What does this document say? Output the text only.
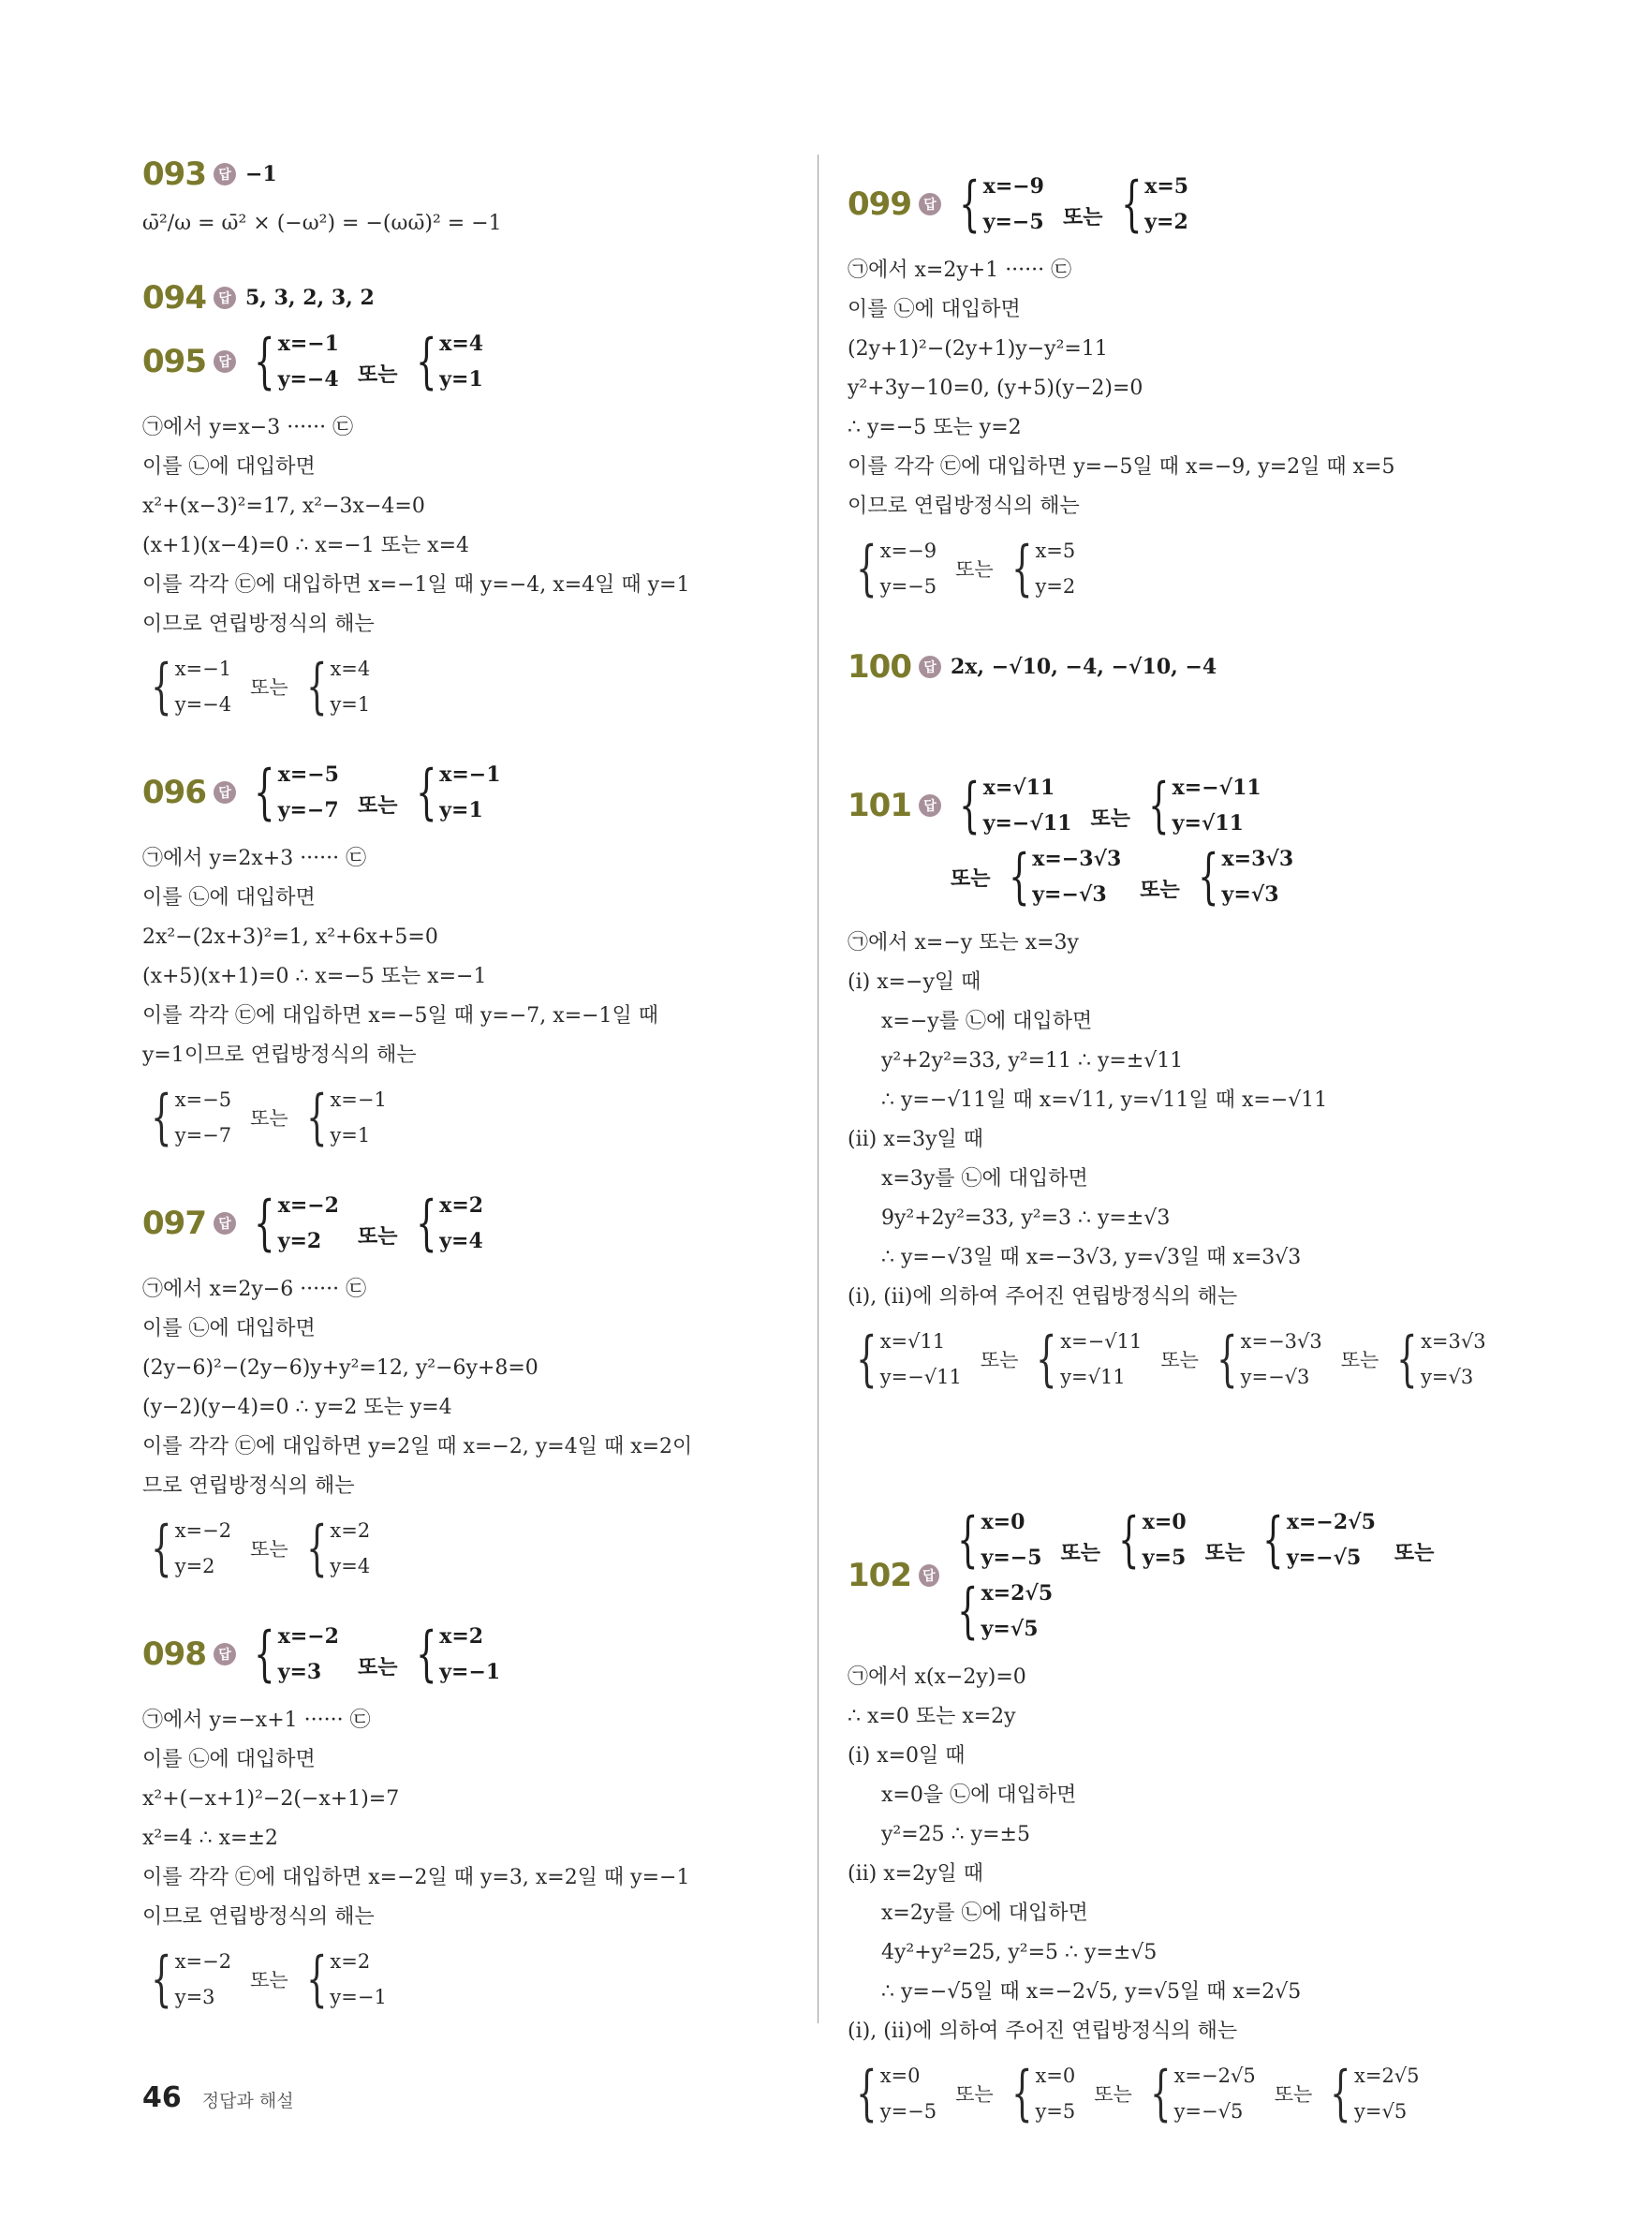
093 답 −1
ω̄²/ω = ω̄² × (−ω²) = −(ωω̄)² = −1
094 답 5, 3, 2, 3, 2
095 답 { x=−1
y=−4 또는 { x=4
y=1
㉠에서 y=x−3 ······ ㉢
이를 ㉡에 대입하면
x²+(x−3)²=17, x²−3x−4=0
(x+1)(x−4)=0 ∴ x=−1 또는 x=4
이를 각각 ㉢에 대입하면 x=−1일 때 y=−4, x=4일 때 y=1
이므로 연립방정식의 해는
{ x=−1
y=−4
또는 { x=4
y=1
096 답 { x=−5
y=−7 또는 { x=−1
y=1
㉠에서 y=2x+3 ······ ㉢
이를 ㉡에 대입하면
2x²−(2x+3)²=1, x²+6x+5=0
(x+5)(x+1)=0 ∴ x=−5 또는 x=−1
이를 각각 ㉢에 대입하면 x=−5일 때 y=−7, x=−1일 때
y=1이므로 연립방정식의 해는
{ x=−5
y=−7
또는 { x=−1
y=1
097 답 { x=−2
y=2	또는 { x=2
y=4
㉠에서 x=2y−6 ······ ㉢
이를 ㉡에 대입하면
(2y−6)²−(2y−6)y+y²=12, y²−6y+8=0
(y−2)(y−4)=0 ∴ y=2 또는 y=4
이를 각각 ㉢에 대입하면 y=2일 때 x=−2, y=4일 때 x=2이
므로 연립방정식의 해는
{ x=−2
y=2
또는 { x=2
y=4
098 답 { x=−2
y=3	또는 { x=2
y=−1
㉠에서 y=−x+1 ······ ㉢
이를 ㉡에 대입하면
x²+(−x+1)²−2(−x+1)=7
x²=4 ∴ x=±2
이를 각각 ㉢에 대입하면 x=−2일 때 y=3, x=2일 때 y=−1
이므로 연립방정식의 해는
{ x=−2
y=3
또는 { x=2
y=−1
099 답 { x=−9
y=−5 또는 { x=5
y=2
㉠에서 x=2y+1 ······ ㉢
이를 ㉡에 대입하면
(2y+1)²−(2y+1)y−y²=11
y²+3y−10=0, (y+5)(y−2)=0
∴ y=−5 또는 y=2
이를 각각 ㉢에 대입하면 y=−5일 때 x=−9, y=2일 때 x=5
이므로 연립방정식의 해는
{ x=−9
y=−5
또는 { x=5
y=2
100 답 2x, −√10, −4, −√10, −4
101 답 { x=√11
y=−√11 또는 { x=−√11
y=√11
또는 { x=−3√3
y=−√3	또는 { x=3√3
y=√3
㉠에서 x=−y 또는 x=3y
(ⅰ) x=−y일 때
x=−y를 ㉡에 대입하면
y²+2y²=33, y²=11 ∴ y=±√11
∴ y=−√11일 때 x=√11, y=√11일 때 x=−√11
(ⅱ) x=3y일 때
x=3y를 ㉡에 대입하면
9y²+2y²=33, y²=3 ∴ y=±√3
∴ y=−√3일 때 x=−3√3, y=√3일 때 x=3√3
(ⅰ), (ⅱ)에 의하여 주어진 연립방정식의 해는
{ x=√11
y=−√11
또는 { x=−√11
y=√11
또는 { x=−3√3
y=−√3
또는 { x=3√3
y=√3
102 답
{ x=0
y=−5 또는 { x=0
y=5 또는 { x=−2√5
y=−√5	또는
{ x=2√5
y=√5
㉠에서 x(x−2y)=0
∴ x=0 또는 x=2y
(ⅰ) x=0일 때
x=0을 ㉡에 대입하면
y²=25 ∴ y=±5
(ⅱ) x=2y일 때
x=2y를 ㉡에 대입하면
4y²+y²=25, y²=5 ∴ y=±√5
∴ y=−√5일 때 x=−2√5, y=√5일 때 x=2√5
(ⅰ), (ⅱ)에 의하여 주어진 연립방정식의 해는
{ x=0
y=−5
또는 { x=0
y=5
또는 { x=−2√5
y=−√5
또는 { x=2√5
y=√5
46 정답과 해설
